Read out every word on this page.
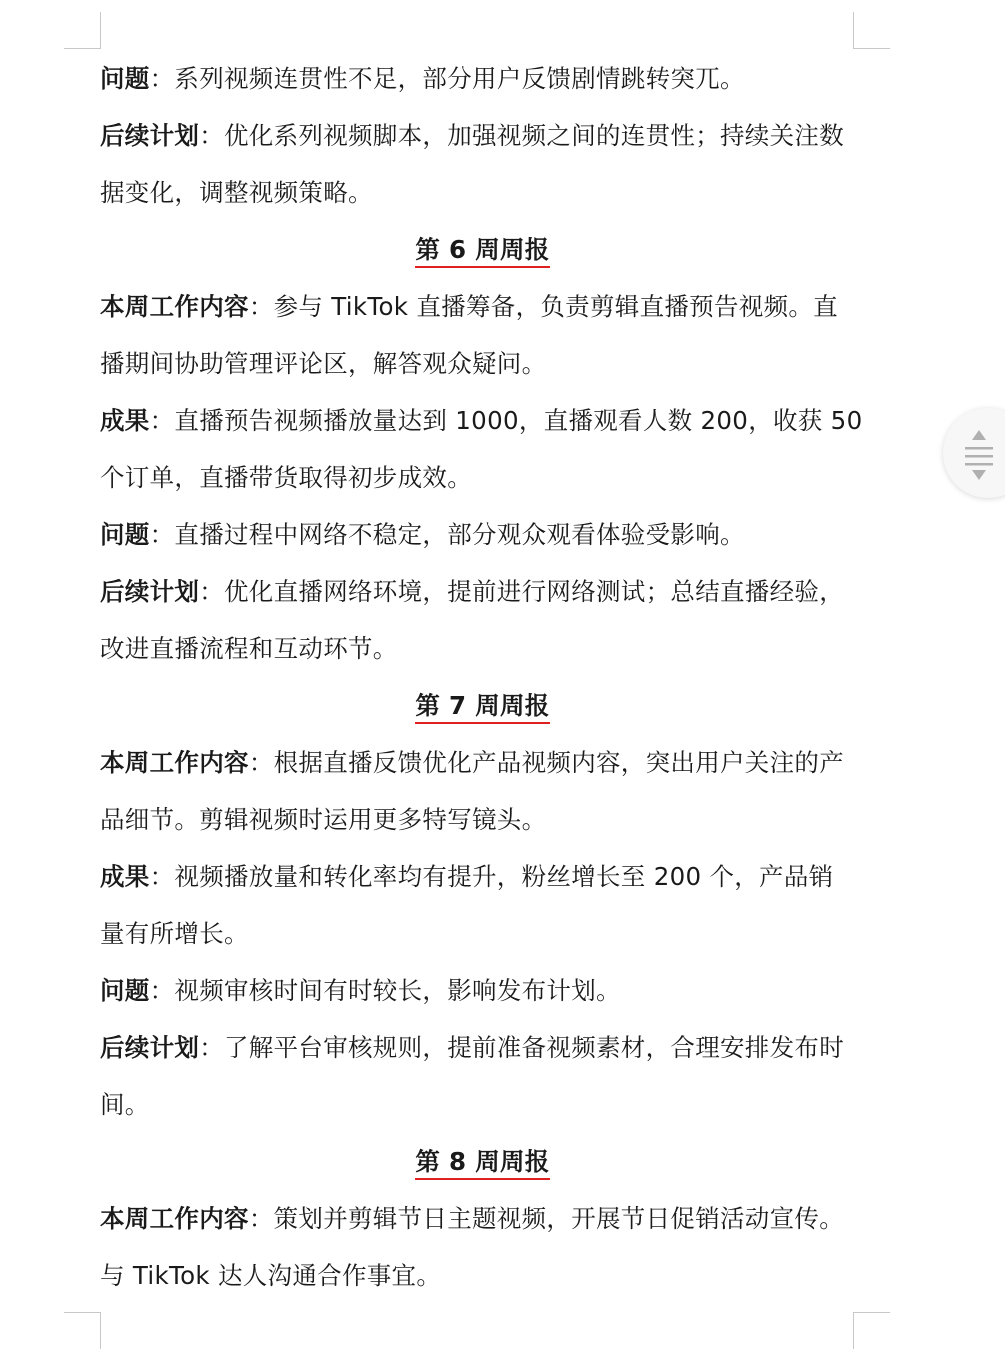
问题：系列视频连贯性不足，部分用户反馈剧情跳转突兀。
后续计划：优化系列视频脚本，加强视频之间的连贯性；持续关注数
据变化，调整视频策略。
第 6 周周报
本周工作内容：参与 TikTok 直播筹备，负责剪辑直播预告视频。直
播期间协助管理评论区，解答观众疑问。
成果：直播预告视频播放量达到 1000，直播观看人数 200，收获 50
个订单，直播带货取得初步成效。
问题：直播过程中网络不稳定，部分观众观看体验受影响。
后续计划：优化直播网络环境，提前进行网络测试；总结直播经验，
改进直播流程和互动环节。
第 7 周周报
本周工作内容：根据直播反馈优化产品视频内容，突出用户关注的产
品细节。剪辑视频时运用更多特写镜头。
成果：视频播放量和转化率均有提升，粉丝增长至 200 个，产品销
量有所增长。
问题：视频审核时间有时较长，影响发布计划。
后续计划：了解平台审核规则，提前准备视频素材，合理安排发布时
间。
第 8 周周报
本周工作内容：策划并剪辑节日主题视频，开展节日促销活动宣传。
与 TikTok 达人沟通合作事宜。
